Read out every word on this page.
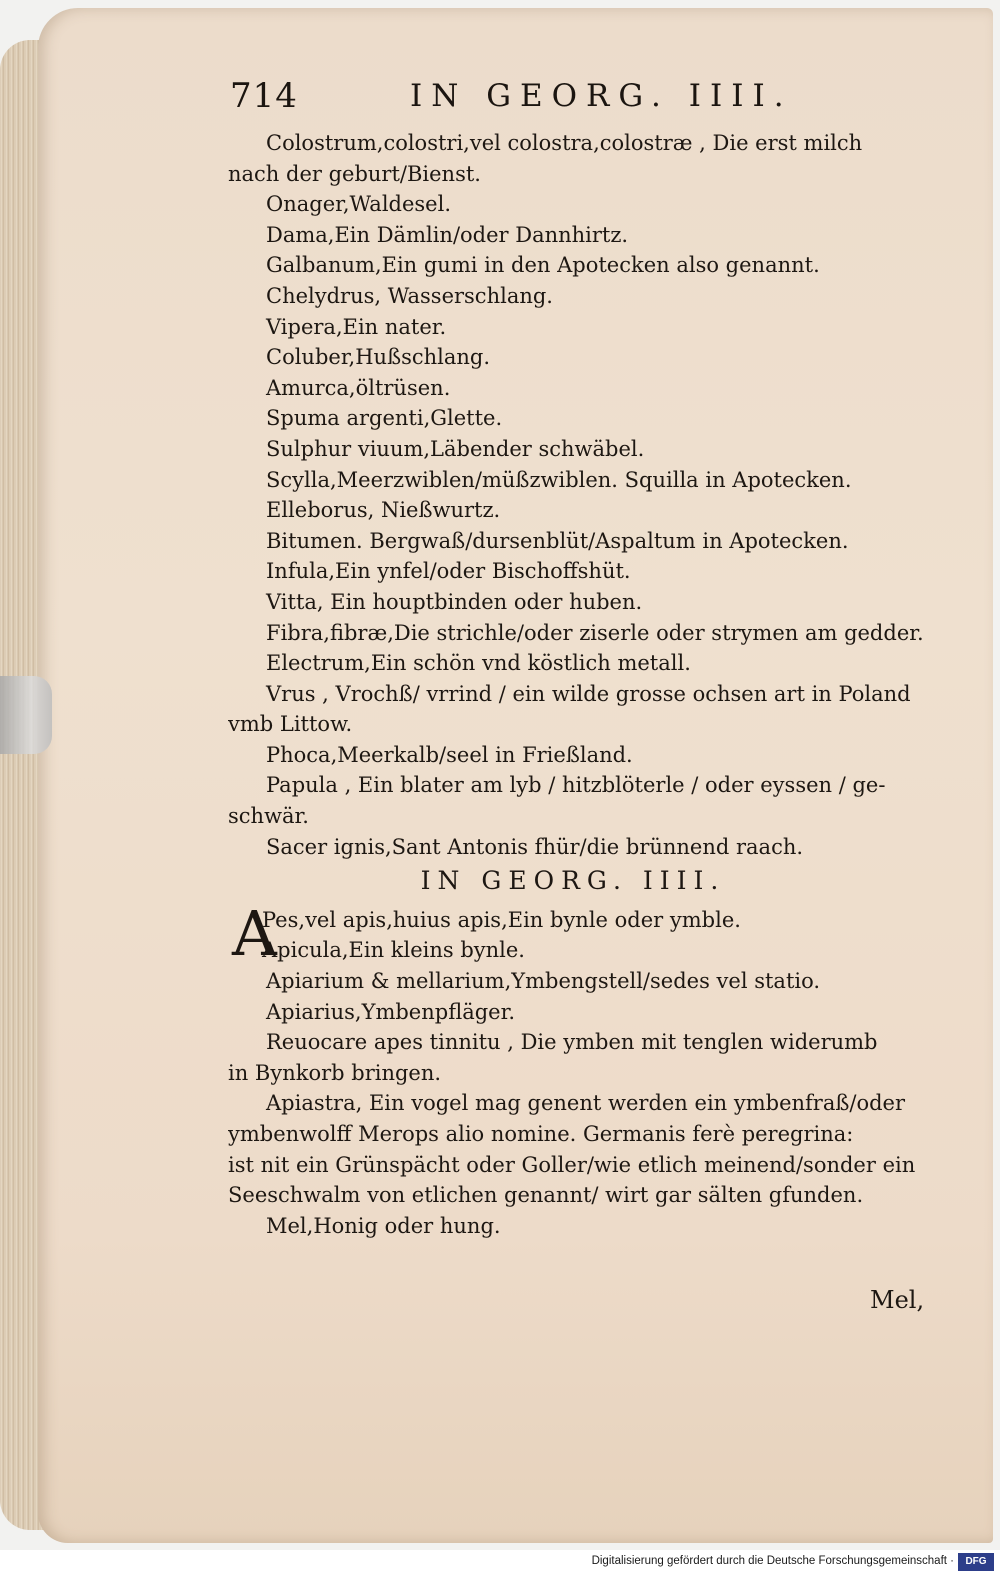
714	IN GEORG. IIII.
Colostrum,colostri,vel colostra,colostræ , Die erst milch
nach der geburt/Bienst.
Onager,Waldesel.
Dama,Ein Dämlin/oder Dannhirtz.
Galbanum,Ein gumi in den Apotecken also genannt.
Chelydrus, Wasserschlang.
Vipera,Ein nater.
Coluber,Hußschlang.
Amurca,öltrüsen.
Spuma argenti,Glette.
Sulphur viuum,Läbender schwäbel.
Scylla,Meerzwiblen/müßzwiblen. Squilla in Apotecken.
Elleborus, Nießwurtz.
Bitumen. Bergwaß/dursenblüt/Aspaltum in Apotecken.
Infula,Ein ynfel/oder Bischoffshüt.
Vitta, Ein houptbinden oder huben.
Fibra,fibræ,Die strichle/oder ziserle oder strymen am gedder.
Electrum,Ein schön vnd köstlich metall.
Vrus , Vrochß/ vrrind / ein wilde grosse ochsen art in Poland
vmb Littow.
Phoca,Meerkalb/seel in Frießland.
Papula , Ein blater am lyb / hitzblöterle / oder eyssen / ge-
schwär.
Sacer ignis,Sant Antonis fhür/die brünnend raach.
IN GEORG. IIII.
A
Pes,vel apis,huius apis,Ein bynle oder ymble.
Apicula,Ein kleins bynle.
Apiarium & mellarium,Ymbengstell/sedes vel statio.
Apiarius,Ymbenpfläger.
Reuocare apes tinnitu , Die ymben mit tenglen widerumb
in Bynkorb bringen.
Apiastra, Ein vogel mag genent werden ein ymbenfraß/oder
ymbenwolff Merops alio nomine. Germanis ferè peregrina:
ist nit ein Grünspächt oder Goller/wie etlich meinend/sonder ein
Seeschwalm von etlichen genannt/ wirt gar sälten gfunden.
Mel,Honig oder hung.
Mel,
Digitalisierung gefördert durch die Deutsche Forschungsgemeinschaft ·	DFG
